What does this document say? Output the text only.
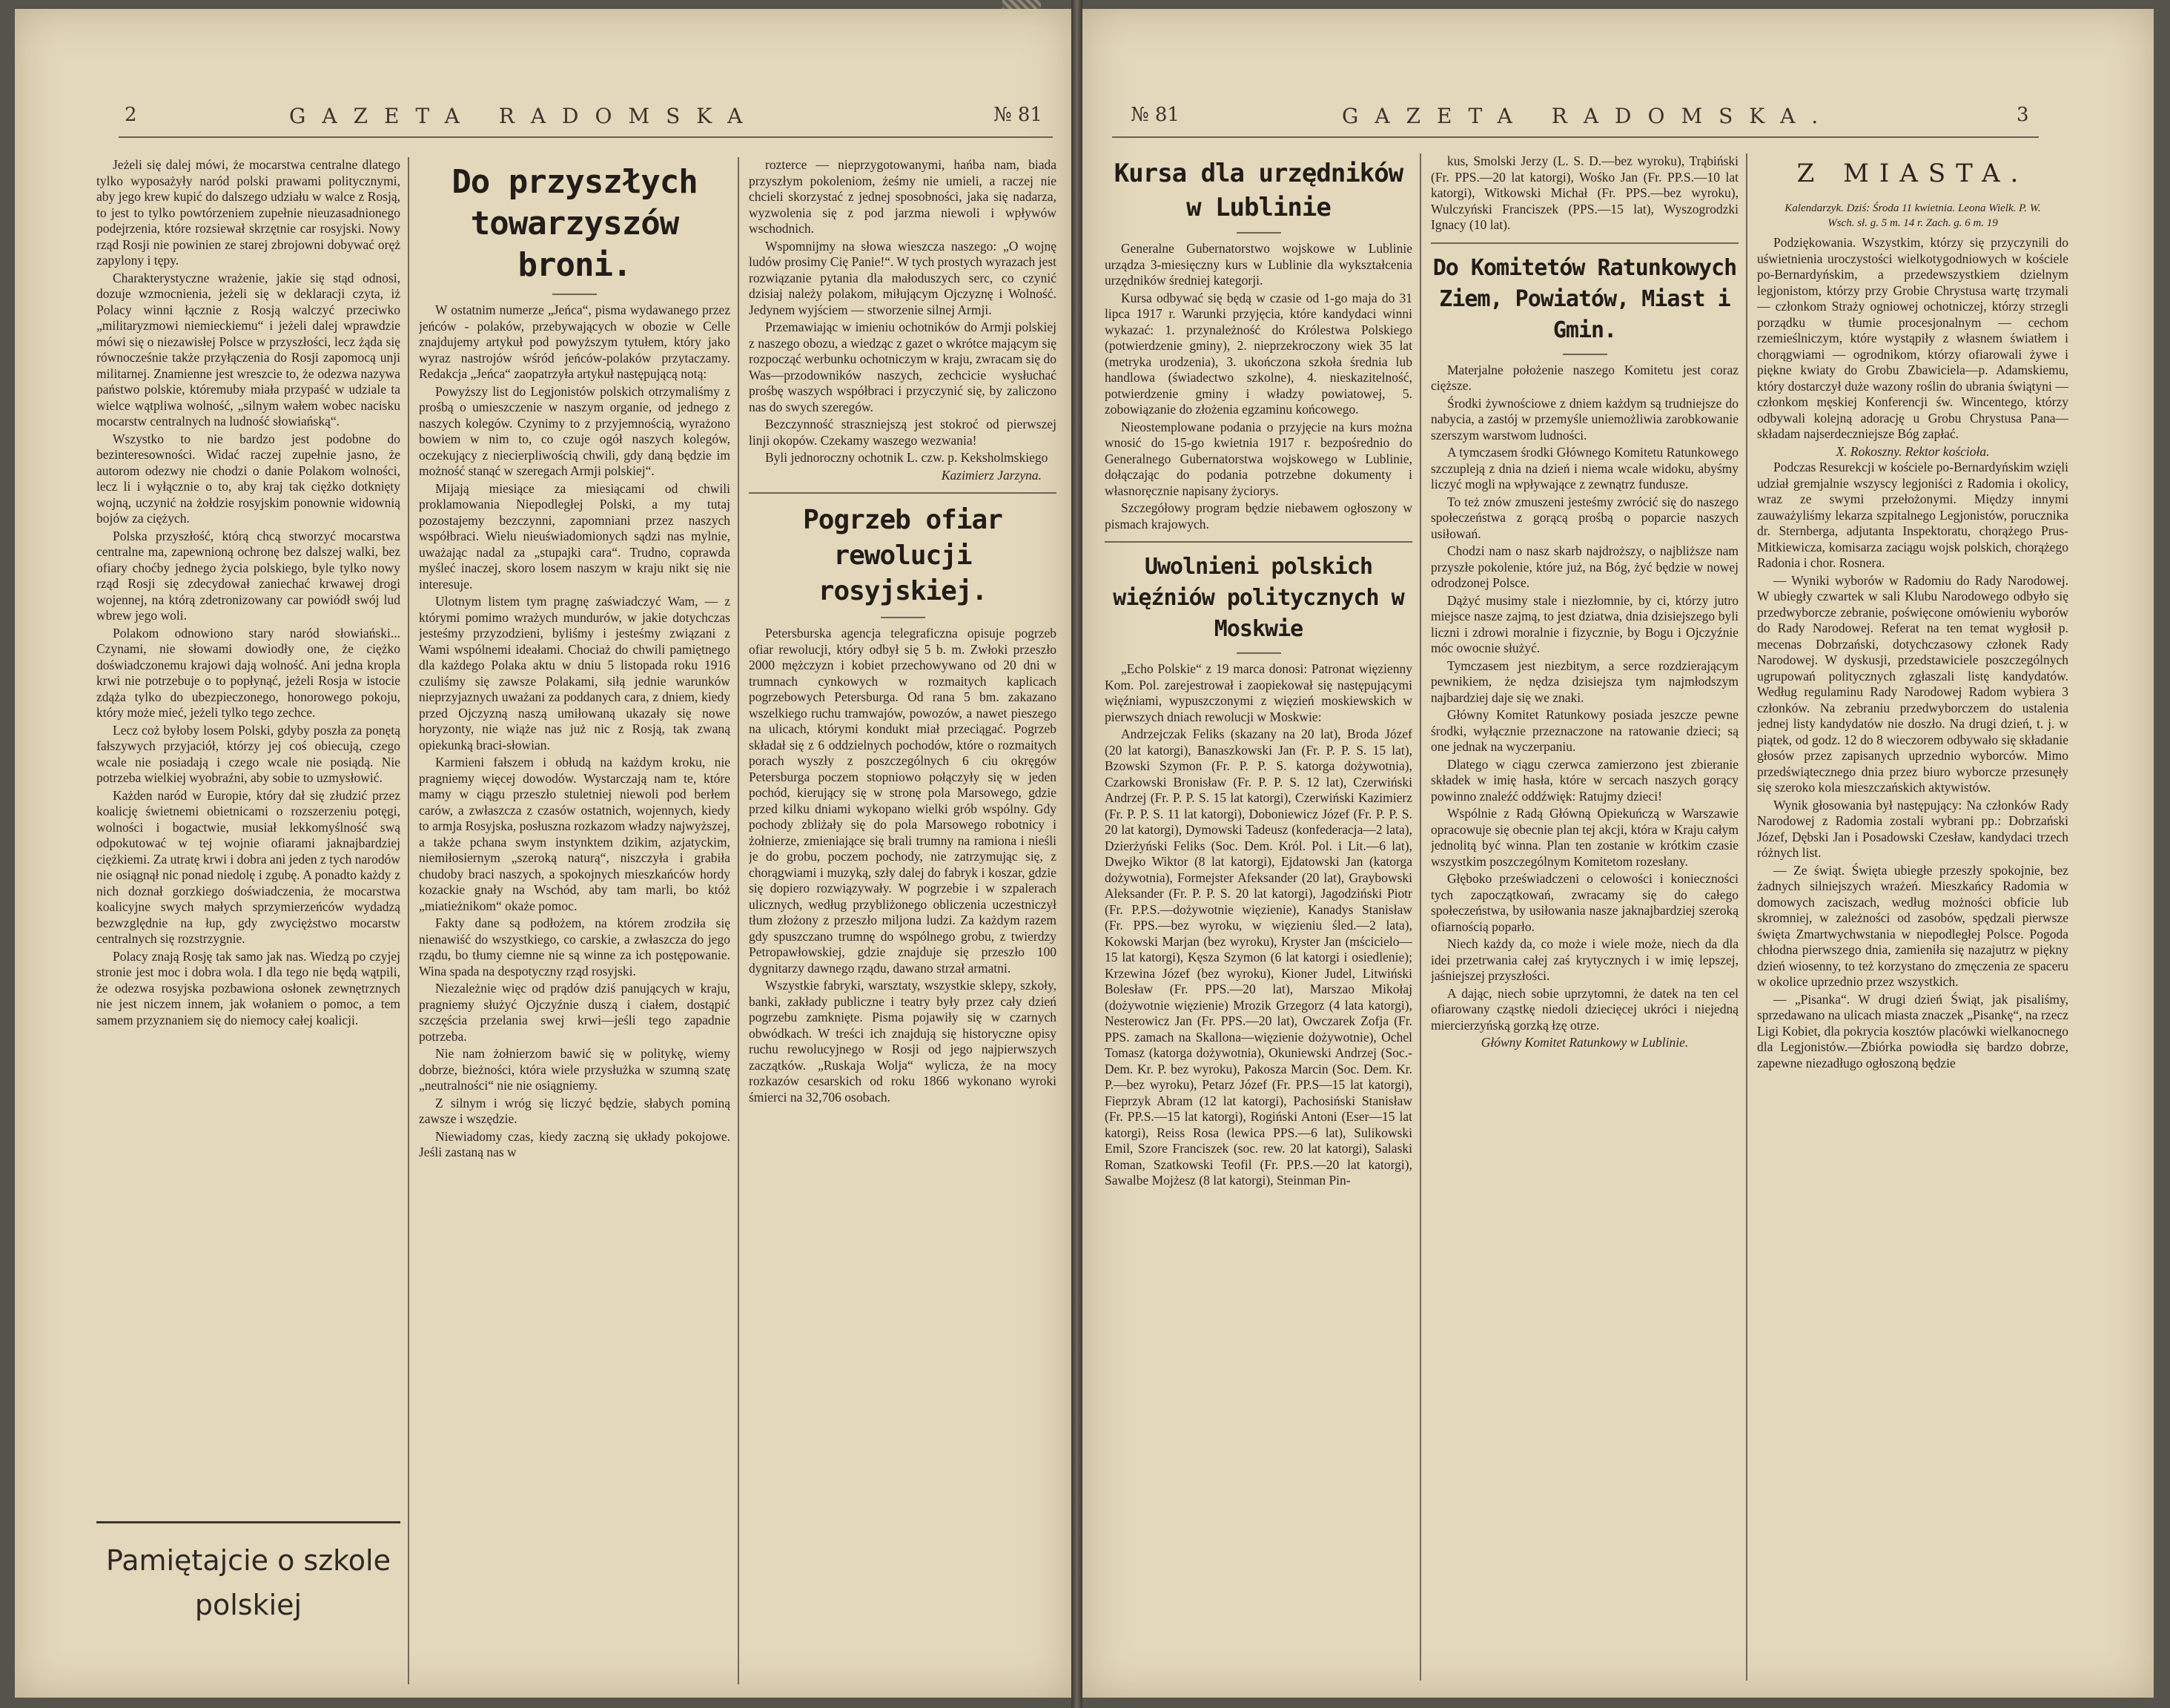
2	GAZETA RADOMSKA	№ 81

Jeżeli się dalej mówi, że mocarstwa centralne dlatego tylko wyposażyły naród polski prawami politycznymi, aby jego krew kupić do dalszego udziału w walce z Rosją, to jest to tylko powtórzeniem zupełnie nieuzasadnionego podejrzenia, które rozsiewał skrzętnie car rosyjski. Nowy rząd Rosji nie powinien ze starej zbrojowni dobywać oręż zapylony i tępy.

Charakterystyczne wrażenie, jakie się stąd odnosi, dozuje wzmocnienia, jeżeli się w deklaracji czyta, iż Polacy winni łącznie z Rosją walczyć przeciwko „militaryzmowi niemieckiemu“ i jeżeli dalej wprawdzie mówi się o niezawisłej Polsce w przyszłości, lecz żąda się równocześnie także przyłączenia do Rosji zapomocą unji militarnej. Znamienne jest wreszcie to, że odezwa nazywa państwo polskie, któremuby miała przypaść w udziale ta wielce wątpliwa wolność, „silnym wałem wobec nacisku mocarstw centralnych na ludność słowiańską“.

Wszystko to nie bardzo jest podobne do bezinteresowności. Widać raczej zupełnie jasno, że autorom odezwy nie chodzi o danie Polakom wolności, lecz li i wyłącznie o to, aby kraj tak ciężko dotknięty wojną, uczynić na żołdzie rosyjskim ponownie widownią bojów za ciężych.

Polska przyszłość, którą chcą stworzyć mocarstwa centralne ma, zapewnioną ochronę bez dalszej walki, bez ofiary choćby jednego życia polskiego, byle tylko nowy rząd Rosji się zdecydował zaniechać krwawej drogi wojennej, na którą zdetronizowany car powiódł swój lud wbrew jego woli.

Polakom odnowiono stary naród słowiański... Czynami, nie słowami dowiodły one, że ciężko doświadczonemu krajowi dają wolność. Ani jedna kropla krwi nie potrzebuje o to popłynąć, jeżeli Rosja w istocie zdąża tylko do ubezpieczonego, honorowego pokoju, który może mieć, jeżeli tylko tego zechce.

Lecz coż byłoby losem Polski, gdyby poszła za ponętą fałszywych przyjaciół, którzy jej coś obiecują, czego wcale nie posiadają i czego wcale nie posiądą. Nie potrzeba wielkiej wyobraźni, aby sobie to uzmysłowić.

Każden naród w Europie, który dał się złudzić przez koalicję świetnemi obietnicami o rozszerzeniu potęgi, wolności i bogactwie, musiał lekkomyślność swą odpokutować w tej wojnie ofiarami jaknajbardziej ciężkiemi. Za utratę krwi i dobra ani jeden z tych narodów nie osiągnął nic ponad niedolę i zgubę. A ponadto każdy z nich doznał gorzkiego doświadczenia, że mocarstwa koalicyjne swych małych sprzymierzeńców wydadzą bezwzględnie na łup, gdy zwyciężstwo mocarstw centralnych się rozstrzygnie.

Polacy znają Rosję tak samo jak nas. Wiedzą po czyjej stronie jest moc i dobra wola. I dla tego nie będą wątpili, że odezwa rosyjska pozbawiona osłonek zewnętrznych nie jest niczem innem, jak wołaniem o pomoc, a tem samem przyznaniem się do niemocy całej koalicji.

Pamiętajcie o szkole polskiej
Do przyszłych towarzyszów broni.

W ostatnim numerze „Jeńca“, pisma wydawanego przez jeńców - polaków, przebywających w obozie w Celle znajdujemy artykuł pod powyższym tytułem, który jako wyraz nastrojów wśród jeńców-polaków przytaczamy. Redakcja „Jeńca“ zaopatrzyła artykuł następującą notą:

Powyższy list do Legjonistów polskich otrzymaliśmy z prośbą o umieszczenie w naszym organie, od jednego z naszych kolegów. Czynimy to z przyjemnością, wyrażono bowiem w nim to, co czuje ogół naszych kolegów, oczekujący z niecierpliwością chwili, gdy daną będzie im możność stanąć w szeregach Armji polskiej“.

Mijają miesiące za miesiącami od chwili proklamowania Niepodległej Polski, a my tutaj pozostajemy bezczynni, zapomniani przez naszych współbraci. Wielu nieuświadomionych sądzi nas mylnie, uważając nadal za „stupajki cara“. Trudno, coprawda myśleć inaczej, skoro losem naszym w kraju nikt się nie interesuje.

Ulotnym listem tym pragnę zaświadczyć Wam, — z którymi pomimo wrażych mundurów, w jakie dotychczas jesteśmy przyzodzieni, byliśmy i jesteśmy związani z Wami wspólnemi ideałami. Chociaż do chwili pamiętnego dla każdego Polaka aktu w dniu 5 listopada roku 1916 czuliśmy się zawsze Polakami, siłą jednie warunków nieprzyjaznych uważani za poddanych cara, z dniem, kiedy przed Ojczyzną naszą umiłowaną ukazały się nowe horyzonty, nie wiąże nas już nic z Rosją, tak zwaną opiekunką braci-słowian.

Karmieni fałszem i obłudą na każdym kroku, nie pragniemy więcej dowodów. Wystarczają nam te, które mamy w ciągu przeszło stuletniej niewoli pod berłem carów, a zwłaszcza z czasów ostatnich, wojennych, kiedy to armja Rosyjska, posłuszna rozkazom władzy najwyższej, a także pchana swym instynktem dzikim, azjatyckim, niemiłosiernym „szeroką naturą“, niszczyła i grabiła chudoby braci naszych, a spokojnych mieszkańców hordy kozackie gnały na Wschód, aby tam marli, bo któż „miatieżnikom“ okaże pomoc.

Fakty dane są podłożem, na którem zrodziła się nienawiść do wszystkiego, co carskie, a zwłaszcza do jego rządu, bo tłumy ciemne nie są winne za ich postępowanie. Wina spada na despotyczny rząd rosyjski.

Niezależnie więc od prądów dziś panujących w kraju, pragniemy służyć Ojczyźnie duszą i ciałem, dostąpić szczęścia przelania swej krwi—jeśli tego zapadnie potrzeba.

Nie nam żołnierzom bawić się w politykę, wiemy dobrze, bieżności, która wiele przysłużka w szumną szatę „neutralności“ nie nie osiągniemy.

Z silnym i wróg się liczyć będzie, słabych pominą zawsze i wszędzie.

Niewiadomy czas, kiedy zaczną się układy pokojowe. Jeśli zastaną nas w

rozterce — nieprzygotowanymi, hańba nam, biada przyszłym pokoleniom, żeśmy nie umieli, a raczej nie chcieli skorzystać z jednej sposobności, jaka się nadarza, wyzwolenia się z pod jarzma niewoli i wpływów wschodnich.

Wspomnijmy na słowa wieszcza naszego: „O wojnę ludów prosimy Cię Panie!“. W tych prostych wyrazach jest rozwiązanie pytania dla małoduszych serc, co czynić dzisiaj należy polakom, miłującym Ojczyznę i Wolność. Jedynem wyjściem — stworzenie silnej Armji.

Przemawiając w imieniu ochotników do Armji polskiej z naszego obozu, a wiedząc z gazet o wkrótce mającym się rozpocząć werbunku ochotniczym w kraju, zwracam się do Was—przodowników naszych, zechcicie wysłuchać prośbę waszych współbraci i przyczynić się, by zaliczono nas do swych szeregów.

Bezczynność straszniejszą jest stokroć od pierwszej linji okopów. Czekamy waszego wezwania!

Byli jednoroczny ochotnik L. czw. p. Keksholmskiego

Kazimierz Jarzyna.
Pogrzeb ofiar rewolucji rosyjskiej.

Petersburska agencja telegraficzna opisuje pogrzeb ofiar rewolucji, który odbył się 5 b. m. Zwłoki przeszło 2000 mężczyzn i kobiet przechowywano od 20 dni w trumnach cynkowych w rozmaitych kaplicach pogrzebowych Petersburga. Od rana 5 bm. zakazano wszelkiego ruchu tramwajów, powozów, a nawet pieszego na ulicach, którymi kondukt miał przeciągać. Pogrzeb składał się z 6 oddzielnych pochodów, które o rozmaitych porach wyszły z poszczególnych 6 ciu okręgów Petersburga poczem stopniowo połączyły się w jeden pochód, kierujący się w stronę pola Marsowego, gdzie przed kilku dniami wykopano wielki grób wspólny. Gdy pochody zbliżały się do pola Marsowego robotnicy i żołnierze, zmieniające się brali trumny na ramiona i nieśli je do grobu, poczem pochody, nie zatrzymując się, z chorągwiami i muzyką, szły dalej do fabryk i koszar, gdzie się dopiero rozwiązywały. W pogrzebie i w szpalerach ulicznych, według przybliżonego obliczenia uczestniczył tłum złożony z przeszło miljona ludzi. Za każdym razem gdy spuszczano trumnę do wspólnego grobu, z twierdzy Petropawłowskiej, gdzie znajduje się przeszło 100 dygnitarzy dawnego rządu, dawano strzał armatni.

Wszystkie fabryki, warsztaty, wszystkie sklepy, szkoły, banki, zakłady publiczne i teatry były przez cały dzień pogrzebu zamknięte. Pisma pojawiły się w czarnych obwódkach. W treści ich znajdują się historyczne opisy ruchu rewolucyjnego w Rosji od jego najpierwszych zaczątków. „Ruskaja Wolja“ wylicza, że na mocy rozkazów cesarskich od roku 1866 wykonano wyroki śmierci na 32,706 osobach.

№ 81	GAZETA RADOMSKA.	3
Kursa dla urzędników w Lublinie

Generalne Gubernatorstwo wojskowe w Lublinie urządza 3-miesięczny kurs w Lublinie dla wykształcenia urzędników średniej kategorji.

Kursa odbywać się będą w czasie od 1-go maja do 31 lipca 1917 r. Warunki przyjęcia, które kandydaci winni wykazać: 1. przynależność do Królestwa Polskiego (potwierdzenie gminy), 2. nieprzekroczony wiek 35 lat (metryka urodzenia), 3. ukończona szkoła średnia lub handlowa (świadectwo szkolne), 4. nieskazitelność, potwierdzenie gminy i władzy powiatowej, 5. zobowiązanie do złożenia egzaminu końcowego.

Nieostemplowane podania o przyjęcie na kurs można wnosić do 15-go kwietnia 1917 r. bezpośrednio do Generalnego Gubernatorstwa wojskowego w Lublinie, dołączając do podania potrzebne dokumenty i własnoręcznie napisany życiorys.

Szczegółowy program będzie niebawem ogłoszony w pismach krajowych.

Uwolnieni polskich więźniów politycznych w Moskwie

„Echo Polskie“ z 19 marca donosi: Patronat więzienny Kom. Pol. zarejestrował i zaopiekował się następującymi więźniami, wypuszczonymi z więzień moskiewskich w pierwszych dniach rewolucji w Moskwie:

Andrzejczak Feliks (skazany na 20 lat), Broda Józef (20 lat katorgi), Banaszkowski Jan (Fr. P. P. S. 15 lat), Bzowski Szymon (Fr. P. P. S. katorga dożywotnia), Czarkowski Bronisław (Fr. P. P. S. 12 lat), Czerwiński Andrzej (Fr. P. P. S. 15 lat katorgi), Czerwiński Kazimierz (Fr. P. P. S. 11 lat katorgi), Doboniewicz Józef (Fr. P. P. S. 20 lat katorgi), Dymowski Tadeusz (konfederacja—2 lata), Dzierżyński Feliks (Soc. Dem. Król. Pol. i Lit.—6 lat), Dwejko Wiktor (8 lat katorgi), Ejdatowski Jan (katorga dożywotnia), Formejster Afeksander (20 lat), Graybowski Aleksander (Fr. P. P. S. 20 lat katorgi), Jagodziński Piotr (Fr. P.P.S.—dożywotnie więzienie), Kanadys Stanisław (Fr. PPS.—bez wyroku, w więzieniu śled.—2 lata), Kokowski Marjan (bez wyroku), Kryster Jan (mścicielo—15 lat katorgi), Kęsza Szymon (6 lat katorgi i osiedlenie); Krzewina Józef (bez wyroku), Kioner Judel, Litwiński Bolesław (Fr. PPS.—20 lat), Marszao Mikołaj (dożywotnie więzienie) Mrozik Grzegorz (4 lata katorgi), Nesterowicz Jan (Fr. PPS.—20 lat), Owczarek Zofja (Fr. PPS. zamach na Skallona—więzienie dożywotnie), Ochel Tomasz (katorga dożywotnia), Okuniewski Andrzej (Soc.-Dem. Kr. P. bez wyroku), Pakosza Marcin (Soc. Dem. Kr. P.—bez wyroku), Petarz Józef (Fr. PP.S—15 lat katorgi), Fieprzyk Abram (12 lat katorgi), Pachosiński Stanisław (Fr. PP.S.—15 lat katorgi), Rogiński Antoni (Eser—15 lat katorgi), Reiss Rosa (lewica PPS.—6 lat), Sulikowski Emil, Szore Franciszek (soc. rew. 20 lat katorgi), Salaski Roman, Szatkowski Teofil (Fr. PP.S.—20 lat katorgi), Sawalbe Mojżesz (8 lat katorgi), Steinman Pin-

kus, Smolski Jerzy (L. S. D.—bez wyroku), Trąbiński (Fr. PPS.—20 lat katorgi), Wośko Jan (Fr. PP.S.—10 lat katorgi), Witkowski Michał (Fr. PPS.—bez wyroku), Wulczyński Franciszek (PPS.—15 lat), Wyszogrodzki Ignacy (10 lat).

Do Komitetów Ratunkowych Ziem, Powiatów, Miast i Gmin.

Materjalne położenie naszego Komitetu jest coraz cięższe.

Środki żywnościowe z dniem każdym są trudniejsze do nabycia, a zastój w przemyśle uniemożliwia zarobkowanie szerszym warstwom ludności.

A tymczasem środki Głównego Komitetu Ratunkowego szczupleją z dnia na dzień i niema wcale widoku, abyśmy liczyć mogli na wpływające z zewnątrz fundusze.

To też znów zmuszeni jesteśmy zwrócić się do naszego społeczeństwa z gorącą prośbą o poparcie naszych usiłowań.

Chodzi nam o nasz skarb najdroższy, o najbliższe nam przyszłe pokolenie, które już, na Bóg, żyć będzie w nowej odrodzonej Polsce.

Dążyć musimy stale i niezłomnie, by ci, którzy jutro miejsce nasze zajmą, to jest dziatwa, dnia dzisiejszego byli liczni i zdrowi moralnie i fizycznie, by Bogu i Ojczyźnie móc owocnie służyć.

Tymczasem jest niezbitym, a serce rozdzierającym pewnikiem, że nędza dzisiejsza tym najmłodszym najbardziej daje się we znaki.

Główny Komitet Ratunkowy posiada jeszcze pewne środki, wyłącznie przeznaczone na ratowanie dzieci; są one jednak na wyczerpaniu.

Dlatego w ciągu czerwca zamierzono jest zbieranie składek w imię hasła, które w sercach naszych gorący powinno znaleźć oddźwięk: Ratujmy dzieci!

Wspólnie z Radą Główną Opiekuńczą w Warszawie opracowuje się obecnie plan tej akcji, która w Kraju całym jednolitą być winna. Plan ten zostanie w krótkim czasie wszystkim poszczególnym Komitetom rozesłany.

Głęboko przeświadczeni o celowości i konieczności tych zapoczątkowań, zwracamy się do całego społeczeństwa, by usiłowania nasze jaknajbardziej szeroką ofiarnością poparło.

Niech każdy da, co może i wiele może, niech da dla idei przetrwania całej zaś krytycznych i w imię lepszej, jaśniejszej przyszłości.

A dając, niech sobie uprzytomni, że datek na ten cel ofiarowany cząstkę niedoli dziecięcej ukróci i niejedną miercierzyńską gorzką łzę otrze.

Główny Komitet Ratunkowy w Lublinie.
Z MIASTA.
Kalendarzyk. Dziś: Środa 11 kwietnia. Leona Wielk. P. W.
Wsch. sł. g. 5 m. 14 r. Zach. g. 6 m. 19

Podziękowania. Wszystkim, którzy się przyczynili do uświetnienia uroczystości wielkotygodniowych w kościele po-Bernardyńskim, a przedewszystkiem dzielnym legjonistom, którzy przy Grobie Chrystusa wartę trzymali — członkom Straży ogniowej ochotniczej, którzy strzegli porządku w tłumie procesjonalnym — cechom rzemieślniczym, które wystąpiły z własnem światłem i chorągwiami — ogrodnikom, którzy ofiarowali żywe i piękne kwiaty do Grobu Zbawiciela—p. Adamskiemu, który dostarczył duże wazony roślin do ubrania świątyni — członkom męskiej Konferencji św. Wincentego, którzy odbywali kolejną adorację u Grobu Chrystusa Pana—składam najserdeczniejsze Bóg zapłać.

X. Rokoszny. Rektor kościoła.

Podczas Resurekcji w kościele po-Bernardyńskim wzięli udział gremjalnie wszyscy legjoniści z Radomia i okolicy, wraz ze swymi przełożonymi. Między innymi zauważyliśmy lekarza szpitalnego Legjonistów, porucznika dr. Sternberga, adjutanta Inspektoratu, chorążego Prus-Mitkiewicza, komisarza zaciągu wojsk polskich, chorążego Radonia i chor. Rosnera.

— Wyniki wyborów w Radomiu do Rady Narodowej. W ubiegły czwartek w sali Klubu Narodowego odbyło się przedwyborcze zebranie, poświęcone omówieniu wyborów do Rady Narodowej. Referat na ten temat wygłosił p. mecenas Dobrzański, dotychczasowy członek Rady Narodowej. W dyskusji, przedstawiciele poszczególnych ugrupowań politycznych zgłaszali listę kandydatów. Według regulaminu Rady Narodowej Radom wybiera 3 członków. Na zebraniu przedwyborczem do ustalenia jednej listy kandydatów nie doszło. Na drugi dzień, t. j. w piątek, od godz. 12 do 8 wieczorem odbywało się składanie głosów przez zapisanych uprzednio wyborców. Mimo przedświątecznego dnia przez biuro wyborcze przesunęły się szeroko kola mieszczańskich aktywistów.

Wynik głosowania był następujący: Na członków Rady Narodowej z Radomia zostali wybrani pp.: Dobrzański Józef, Dębski Jan i Posadowski Czesław, kandydaci trzech różnych list.

— Ze świąt. Święta ubiegłe przeszły spokojnie, bez żadnych silniejszych wrażeń. Mieszkańcy Radomia w domowych zaciszach, według możności obficie lub skromniej, w zależności od zasobów, spędzali pierwsze święta Zmartwychwstania w niepodległej Polsce. Pogoda chłodna pierwszego dnia, zamieniła się nazajutrz w piękny dzień wiosenny, to też korzystano do zmęczenia ze spaceru w okolice uprzednio przez wszystkich.

— „Pisanka“. W drugi dzień Świąt, jak pisaliśmy, sprzedawano na ulicach miasta znaczek „Pisankę“, na rzecz Ligi Kobiet, dla pokrycia kosztów placówki wielkanocnego dla Legjonistów.—Zbiórka powiodła się bardzo dobrze, zapewne niezadługo ogłoszoną będzie
